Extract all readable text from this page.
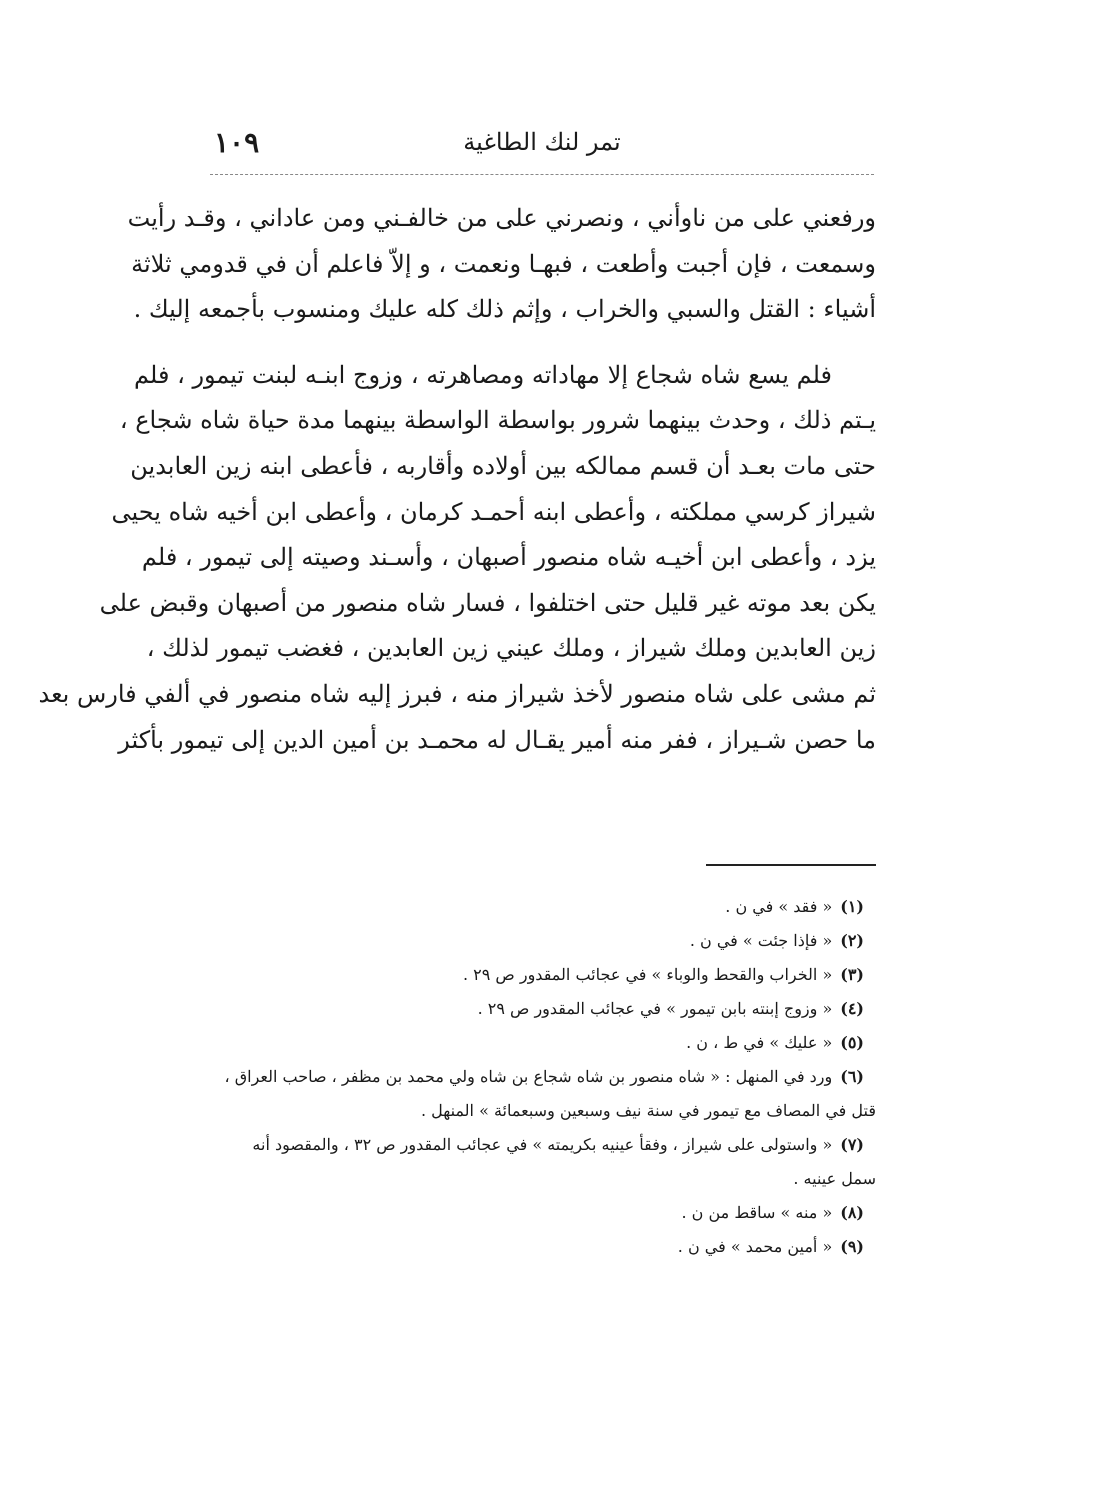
١٠٩	تمر لنك الطاغية
ورفعني على من ناوأني ، ونصرني على من خالفـني ومن عاداني ، وقـد رأيت
وسمعت ، فإن أجبت وأطعت ، فبهـا ونعمت ، و إلاّ فاعلم أن في قدومي ثلاثة
أشياء : القتل والسبي والخراب ، وإثم ذلك كله عليك ومنسوب بأجمعه إليك .
فلم يسع شاه شجاع إلا مهاداته ومصاهرته ، وزوج ابنـه لبنت تيمور ، فلم
يـتم ذلك ، وحدث بينهما شرور بواسطة الواسطة بينهما مدة حياة شاه شجاع ،
حتى مات بعـد أن قسم ممالكه بين أولاده وأقاربه ، فأعطى ابنه زين العابدين
شيراز كرسي مملكته ، وأعطى ابنه أحمـد كرمان ، وأعطى ابن أخيه شاه يحيى
يزد ، وأعطى ابن أخيـه شاه منصور أصبهان ، وأسـند وصيته إلى تيمور ، فلم
يكن بعد موته غير قليل حتى اختلفوا ، فسار شاه منصور من أصبهان وقبض على
زين العابدين وملك شيراز ، وملك عيني زين العابدين ، فغضب تيمور لذلك ،
ثم مشى على شاه منصور لأخذ شيراز منه ، فبرز إليه شاه منصور في ألفي فارس بعد
ما حصن شـيراز ، ففر منه أمير يقـال له محمـد بن أمين الدين إلى تيمور بأكثر
(١)« فقد » في ن .
(٢)« فإذا جئت » في ن .
(٣)« الخراب والقحط والوباء » في عجائب المقدور ص ٢٩ .
(٤)« وزوج إبنته بابن تيمور » في عجائب المقدور ص ٢٩ .
(٥)« عليك » في ط ، ن .
(٦)ورد في المنهل : « شاه منصور بن شاه شجاع بن شاه ولي محمد بن مظفر ، صاحب العراق ،
قتل في المصاف مع تيمور في سنة نيف وسبعين وسبعمائة » المنهل .
(٧)« واستولى على شيراز ، وفقأ عينيه بكريمته » في عجائب المقدور ص ٣٢ ، والمقصود أنه
سمل عينيه .
(٨)« منه » ساقط من ن .
(٩)« أمين محمد » في ن .
